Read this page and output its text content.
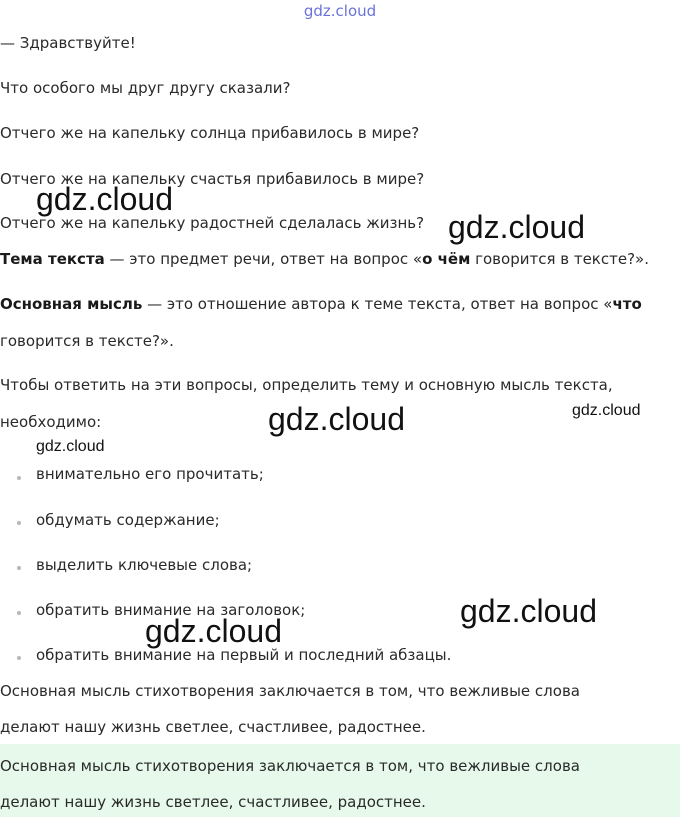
gdz.cloud
— Здравствуйте!
Что особого мы друг другу сказали?
Отчего же на капельку солнца прибавилось в мире?
Отчего же на капельку счастья прибавилось в мире?
Отчего же на капельку радостней сделалась жизнь?
Тема текста — это предмет речи, ответ на вопрос «о чём говорится в тексте?».
Основная мысль — это отношение автора к теме текста, ответ на вопрос «что
говорится в тексте?».
Чтобы ответить на эти вопросы, определить тему и основную мысль текста,
необходимо:
внимательно его прочитать;
обдумать содержание;
выделить ключевые слова;
обратить внимание на заголовок;
обратить внимание на первый и последний абзацы.
Основная мысль стихотворения заключается в том, что вежливые слова
делают нашу жизнь светлее, счастливее, радостнее.
Основная мысль стихотворения заключается в том, что вежливые слова
делают нашу жизнь светлее, счастливее, радостнее.
gdz.cloud
gdz.cloud
gdz.cloud	gdz.cloud
gdz.cloud
gdz.cloud
gdz.cloud
